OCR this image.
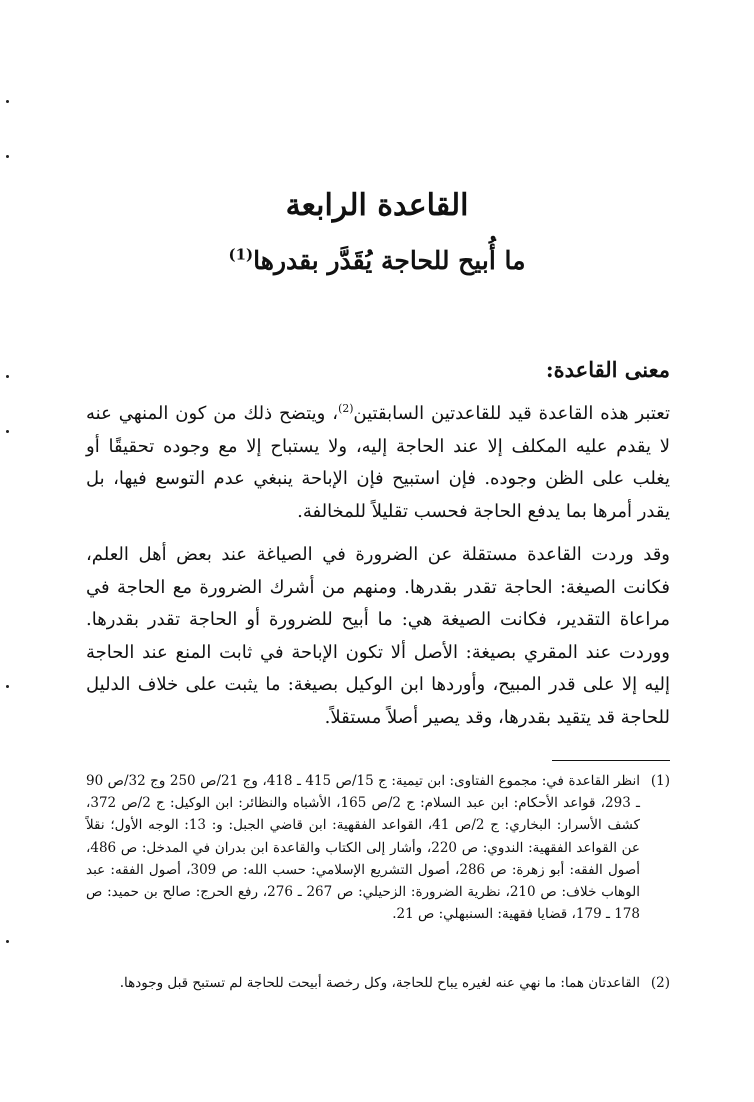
القاعدة الرابعة
ما أُبيح للحاجة يُقَدَّر بقدرها$^{(1)}$
معنى القاعدة:

تعتبر هذه القاعدة قيد للقاعدتين السابقتين$^{(2)}$، ويتضح ذلك من كون المنهي عنه لا يقدم عليه المكلف إلا عند الحاجة إليه، ولا يستباح إلا مع وجوده تحقيقًا أو يغلب على الظن وجوده. فإن استبيح فإن الإباحة ينبغي عدم التوسع فيها، بل يقدر أمرها بما يدفع الحاجة فحسب تقليلاً للمخالفة.

وقد وردت القاعدة مستقلة عن الضرورة في الصياغة عند بعض أهل العلم، فكانت الصيغة: الحاجة تقدر بقدرها. ومنهم من أشرك الضرورة مع الحاجة في مراعاة التقدير، فكانت الصيغة هي: ما أبيح للضرورة أو الحاجة تقدر بقدرها. ووردت عند المقري بصيغة: الأصل ألا تكون الإباحة في ثابت المنع عند الحاجة إليه إلا على قدر المبيح، وأوردها ابن الوكيل بصيغة: ما يثبت على خلاف الدليل للحاجة قد يتقيد بقدرها، وقد يصير أصلاً مستقلاً.

(1)
انظر القاعدة في: مجموع الفتاوى: ابن تيمية: ج 15/ص 415 ـ 418، وج 21/ص 250 وج 32/ص 90 ـ 293، قواعد الأحكام: ابن عبد السلام: ج 2/ص 165، الأشباه والنظائر: ابن الوكيل: ج 2/ص 372، كشف الأسرار: البخاري: ج 2/ص 41، القواعد الفقهية: ابن قاضي الجبل: و: 13: الوجه الأول؛ نقلاً عن القواعد الفقهية: الندوي: ص 220، وأشار إلى الكتاب والقاعدة ابن بدران في المدخل: ص 486، أصول الفقه: أبو زهرة: ص 286، أصول التشريع الإسلامي: حسب الله: ص 309، أصول الفقه: عبد الوهاب خلاف: ص 210، نظرية الضرورة: الزحيلي: ص 267 ـ 276، رفع الحرج: صالح بن حميد: ص 178 ـ 179، قضايا فقهية: السنبهلي: ص 21.

(2)
القاعدتان هما: ما نهي عنه لغيره يباح للحاجة، وكل رخصة أبيحت للحاجة لم تستبح قبل وجودها.
